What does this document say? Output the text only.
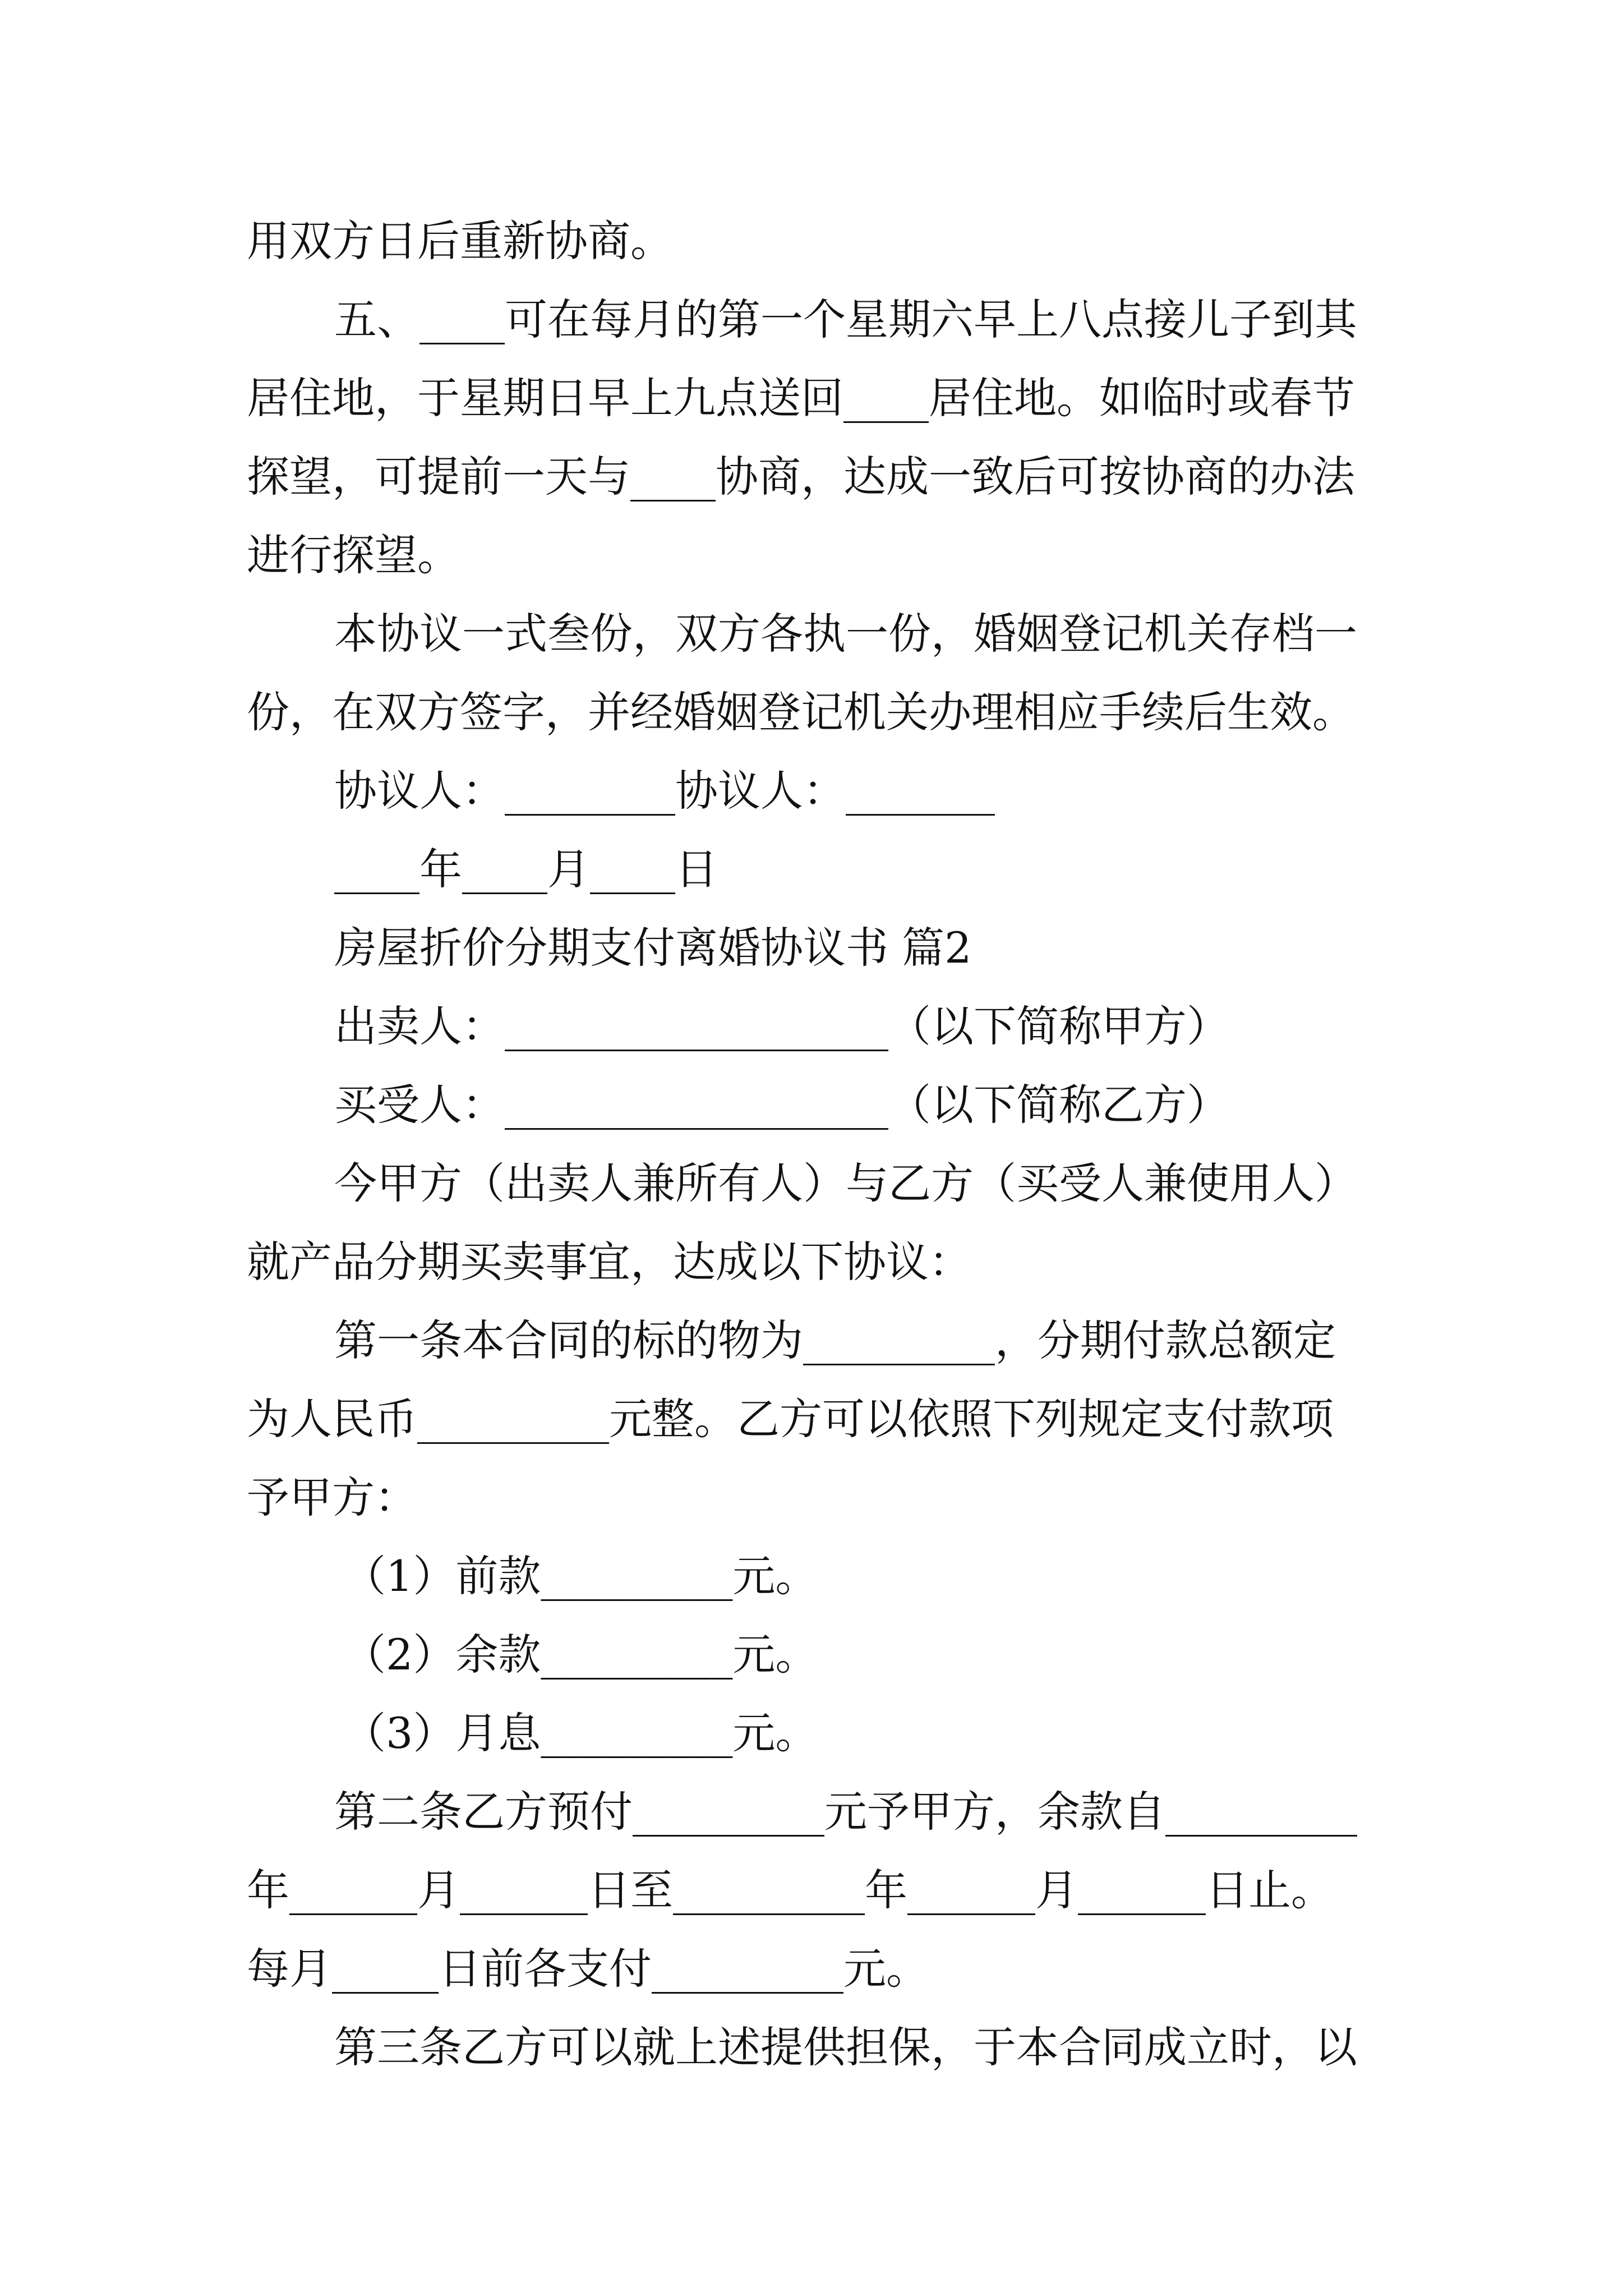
用双方日后重新协商。
五、____可在每月的第一个星期六早上八点接儿子到其
居住地，于星期日早上九点送回____居住地。如临时或春节
探望，可提前一天与____协商，达成一致后可按协商的办法
进行探望。
本协议一式叁份，双方各执一份，婚姻登记机关存档一
份，在双方签字，并经婚姻登记机关办理相应手续后生效。
协议人：________协议人：_______
____年____月____日
房屋折价分期支付离婚协议书 篇2
出卖人：__________________（以下简称甲方）
买受人：__________________（以下简称乙方）
今甲方（出卖人兼所有人）与乙方（买受人兼使用人）
就产品分期买卖事宜，达成以下协议：
第一条本合同的标的物为_________，分期付款总额定
为人民币_________元整。乙方可以依照下列规定支付款项
予甲方：
（1）前款_________元。
（2）余款_________元。
（3）月息_________元。
第二条乙方预付_________元予甲方，余款自_________
年______月______日至_________年______月______日止。
每月_____日前各支付_________元。
第三条乙方可以就上述提供担保，于本合同成立时，以
